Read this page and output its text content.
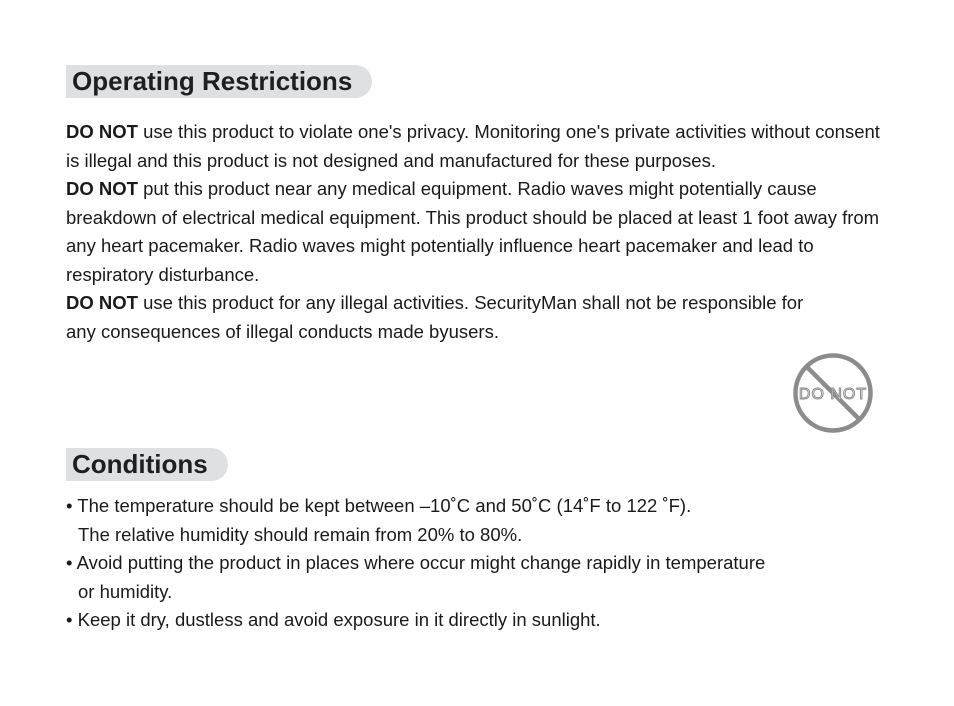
Operating Restrictions

DO NOT use this product to violate one's privacy. Monitoring one's private activities without consent is illegal and this product is not designed and manufactured for these purposes.

DO NOT put this product near any medical equipment. Radio waves might potentially cause breakdown of electrical medical equipment. This product should be placed at least 1 foot away from any heart pacemaker. Radio waves might potentially influence heart pacemaker and lead to respiratory disturbance.

DO NOT use this product for any illegal activities. SecurityMan shall not be responsible for any consequences of illegal conducts made byusers.

DO NOT
Conditions

• The temperature should be kept between –10˚C and 50˚C (14˚F to 122 ˚F).
The relative humidity should remain from 20% to 80%.

• Avoid putting the product in places where occur might change rapidly in temperature
or humidity.

• Keep it dry, dustless and avoid exposure in it directly in sunlight.
